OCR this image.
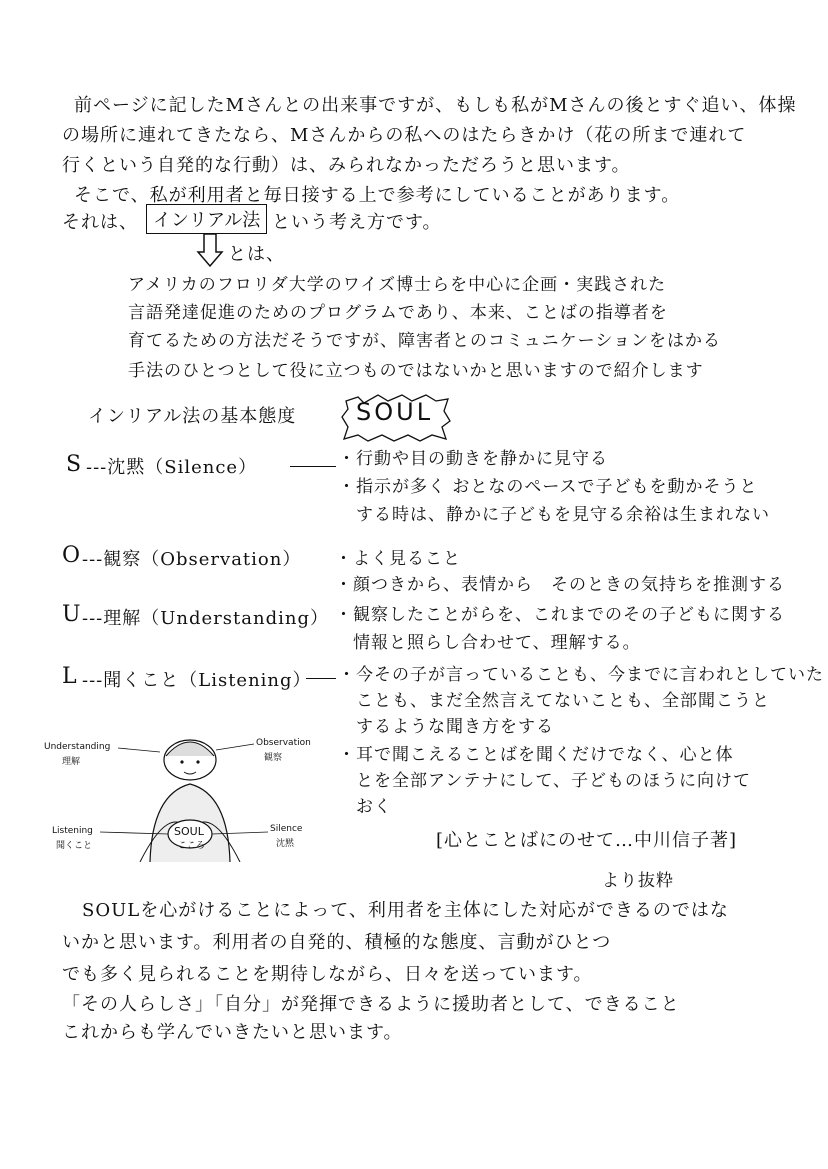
前ページに記したMさんとの出来事ですが、もしも私がMさんの後とすぐ追い、体操
の場所に連れてきたなら、Mさんからの私へのはたらきかけ（花の所まで連れて
行くという自発的な行動）は、みられなかっただろうと思います。
そこで、私が利用者と毎日接する上で参考にしていることがあります。
それは、 インリアル法 という考え方です。
とは、
アメリカのフロリダ大学のワイズ博士らを中心に企画・実践された
言語発達促進のためのプログラムであり、本来、ことばの指導者を
育てるための方法だそうですが、障害者とのコミュニケーションをはかる
手法のひとつとして役に立つものではないかと思いますので紹介します
インリアル法の基本態度 SOUL
S ---沈黙（Silence）	・行動や目の動きを静かに見守る
・指示が多く おとなのペースで子どもを動かそうと
　する時は、静かに子どもを見守る余裕は生まれない
O ---観察（Observation） ・よく見ること
・顔つきから、表情から　そのときの気持ちを推測する
U ---理解（Understanding） ・観察したことがらを、これまでのその子どもに関する
　情報と照らし合わせて、理解する。
L ---聞くこと（Listening） ・今その子が言っていることも、今までに言われとしていた
　ことも、まだ全然言えてないことも、全部聞こうと
　するような聞き方をする
・耳で聞こえることばを聞くだけでなく、心と体
　とを全部アンテナにして、子どものほうに向けて
　おく
Understanding
理解
Observation
観察
Listening
聞くこと
Silence
沈黙
SOUL
こころ	[心とことばにのせて…中川信子著]
より抜粋
SOULを心がけることによって、利用者を主体にした対応ができるのではな
いかと思います。利用者の自発的、積極的な態度、言動がひとつ
でも多く見られることを期待しながら、日々を送っています。
「その人らしさ」「自分」が発揮できるように援助者として、できること
これからも学んでいきたいと思います。
